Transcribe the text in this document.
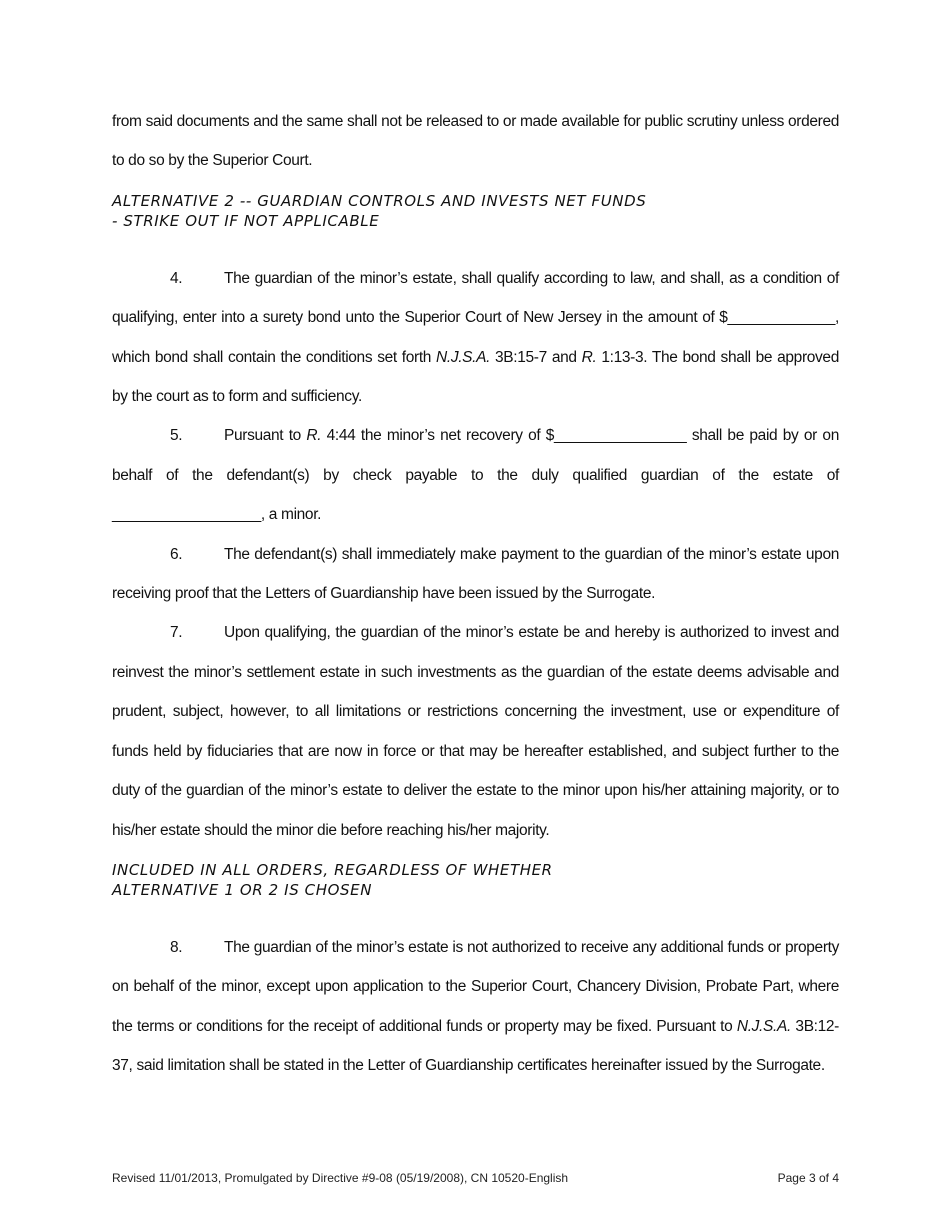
from said documents and the same shall not be released to or made available for public scrutiny unless ordered to do so by the Superior Court.

ALTERNATIVE 2 -- GUARDIAN CONTROLS AND INVESTS NET FUNDS
- STRIKE OUT IF NOT APPLICABLE

4.	The guardian of the minor’s estate, shall qualify according to law, and shall, as a condition of qualifying, enter into a surety bond unto the Superior Court of New Jersey in the amount of $_____________, which bond shall contain the conditions set forth N.J.S.A. 3B:15-7 and R. 1:13-3. The bond shall be approved by the court as to form and sufficiency.

5.	Pursuant to R. 4:44 the minor’s net recovery of $________________ shall be paid by or on behalf of the defendant(s) by check payable to the duly qualified guardian of the estate of __________________, a minor.

6.	The defendant(s) shall immediately make payment to the guardian of the minor’s estate upon receiving proof that the Letters of Guardianship have been issued by the Surrogate.

7.	Upon qualifying, the guardian of the minor’s estate be and hereby is authorized to invest and reinvest the minor’s settlement estate in such investments as the guardian of the estate deems advisable and prudent, subject, however, to all limitations or restrictions concerning the investment, use or expenditure of funds held by fiduciaries that are now in force or that may be hereafter established, and subject further to the duty of the guardian of the minor’s estate to deliver the estate to the minor upon his/her attaining majority, or to his/her estate should the minor die before reaching his/her majority.

INCLUDED IN ALL ORDERS, REGARDLESS OF WHETHER
ALTERNATIVE 1 OR 2 IS CHOSEN

8.	The guardian of the minor’s estate is not authorized to receive any additional funds or property on behalf of the minor, except upon application to the Superior Court, Chancery Division, Probate Part, where the terms or conditions for the receipt of additional funds or property may be fixed. Pursuant to N.J.S.A. 3B:12-37, said limitation shall be stated in the Letter of Guardianship certificates hereinafter issued by the Surrogate.

Revised 11/01/2013, Promulgated by Directive #9-08 (05/19/2008), CN 10520-English	Page 3 of 4
